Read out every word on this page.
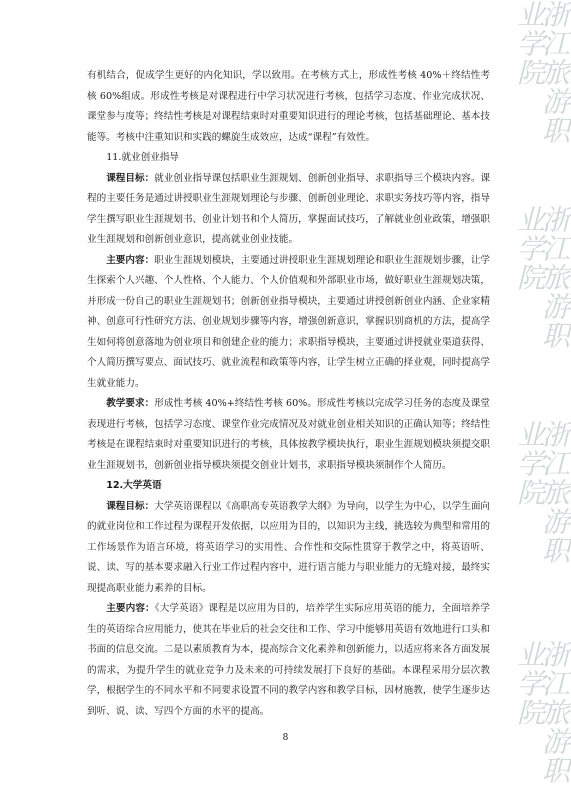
有机结合，促成学生更好的内化知识，学以致用。在考核方式上，形成性考核 40%＋终结性考核 60%组成。形成性考核是对课程进行中学习状况进行考核，包括学习态度、作业完成状况、课堂参与度等；终结性考核是对课程结束时对重要知识进行的理论考核，包括基础理论、基本技能等。考核中注重知识和实践的螺旋生成效应，达成“课程”有效性。

11.就业创业指导

课程目标：就业创业指导课包括职业生涯规划、创新创业指导、求职指导三个模块内容。课程的主要任务是通过讲授职业生涯规划理论与步骤、创新创业理论、求职实务技巧等内容，指导学生撰写职业生涯规划书、创业计划书和个人简历，掌握面试技巧，了解就业创业政策，增强职业生涯规划和创新创业意识，提高就业创业技能。

主要内容：职业生涯规划模块，主要通过讲授职业生涯规划理论和职业生涯规划步骤，让学生探索个人兴趣、个人性格、个人能力、个人价值观和外部职业市场，做好职业生涯规划决策，并形成一份自己的职业生涯规划书；创新创业指导模块，主要通过讲授创新创业内涵、企业家精神、创意可行性研究方法、创业规划步骤等内容，增强创新意识，掌握识别商机的方法，提高学生如何将创意落地为创业项目和创建企业的能力；求职指导模块，主要通过讲授就业渠道获得、个人简历撰写要点、面试技巧、就业流程和政策等内容，让学生树立正确的择业观，同时提高学生就业能力。

教学要求：形成性考核 40%+终结性考核 60%。形成性考核以完成学习任务的态度及课堂表现进行考核，包括学习态度、课堂作业完成情况及对就业创业相关知识的正确认知等；终结性考核是在课程结束时对重要知识进行的考核，具体按教学模块执行，职业生涯规划模块须提交职业生涯规划书，创新创业指导模块须提交创业计划书，求职指导模块须制作个人简历。

12.大学英语

课程目标：大学英语课程以《高职高专英语教学大纲》为导向，以学生为中心，以学生面向的就业岗位和工作过程为课程开发依据，以应用为目的，以知识为主线，挑选较为典型和常用的工作场景作为语言环境，将英语学习的实用性、合作性和交际性贯穿于教学之中，将英语听、说、读、写的基本要求融入行业工作过程内容中，进行语言能力与职业能力的无缝对接，最终实现提高职业能力素养的目标。

主要内容：《大学英语》课程是以应用为目的，培养学生实际应用英语的能力，全面培养学生的英语综合应用能力，使其在毕业后的社会交往和工作、学习中能够用英语有效地进行口头和书面的信息交流。二是以素质教育为本，提高综合文化素养和创新能力，以适应将来各方面发展的需求，为提升学生的就业竞争力及未来的可持续发展打下良好的基础。本课程采用分层次教学，根据学生的不同水平和不同要求设置不同的教学内容和教学目标，因材施教，使学生逐步达到听、说、读、写四个方面的水平的提高。

8
浙江旅游职业学院
浙江旅游职业学院
浙江旅游职业学院
浙江旅游职业学院
